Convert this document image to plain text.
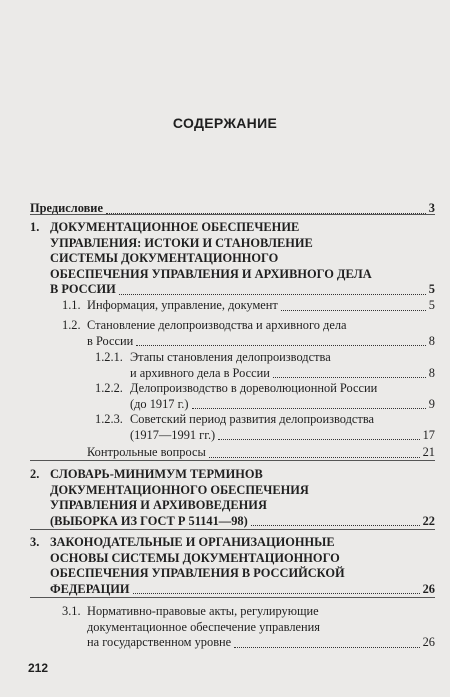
СОДЕРЖАНИЕ
Предисловие	3
1. ДОКУМЕНТАЦИОННОЕ ОБЕСПЕЧЕНИЕ
УПРАВЛЕНИЯ: ИСТОКИ И СТАНОВЛЕНИЕ
СИСТЕМЫ ДОКУМЕНТАЦИОННОГО
ОБЕСПЕЧЕНИЯ УПРАВЛЕНИЯ И АРХИВНОГО ДЕЛА
В РОССИИ	5
1.1. Информация, управление, документ	5
1.2. Становление делопроизводства и архивного дела
в России	8
1.2.1. Этапы становления делопроизводства
и архивного дела в России	8
1.2.2. Делопроизводство в дореволюционной России
(до 1917 г.)	9
1.2.3. Советский период развития делопроизводства
(1917—1991 гг.)	17
Контрольные вопросы	21
2. СЛОВАРЬ-МИНИМУМ ТЕРМИНОВ
ДОКУМЕНТАЦИОННОГО ОБЕСПЕЧЕНИЯ
УПРАВЛЕНИЯ И АРХИВОВЕДЕНИЯ
(ВЫБОРКА ИЗ ГОСТ Р 51141—98)	22
3. ЗАКОНОДАТЕЛЬНЫЕ И ОРГАНИЗАЦИОННЫЕ
ОСНОВЫ СИСТЕМЫ ДОКУМЕНТАЦИОННОГО
ОБЕСПЕЧЕНИЯ УПРАВЛЕНИЯ В РОССИЙСКОЙ
ФЕДЕРАЦИИ	26
3.1. Нормативно-правовые акты, регулирующие
документационное обеспечение управления
на государственном уровне	26
212
